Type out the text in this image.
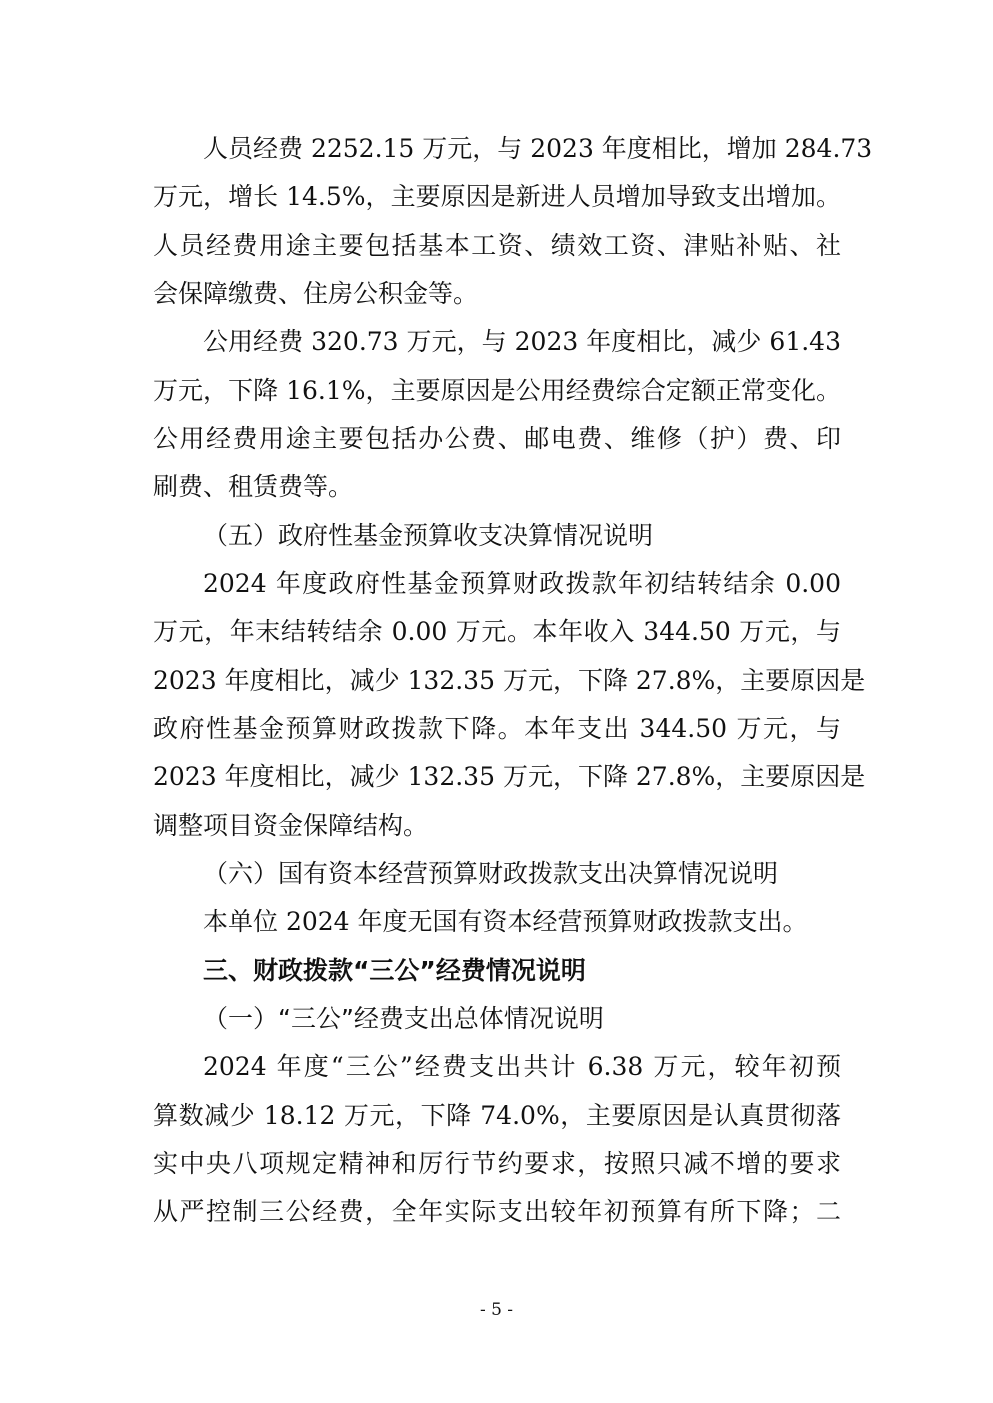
人员经费 2252.15 万元，与 2023 年度相比，增加 284.73
万元，增长 14.5%，主要原因是新进人员增加导致支出增加。
人员经费用途主要包括基本工资、绩效工资、津贴补贴、社
会保障缴费、住房公积金等。
公用经费 320.73 万元，与 2023 年度相比，减少 61.43
万元，下降 16.1%，主要原因是公用经费综合定额正常变化。
公用经费用途主要包括办公费、邮电费、维修（护）费、印
刷费、租赁费等。
（五）政府性基金预算收支决算情况说明
2024 年度政府性基金预算财政拨款年初结转结余 0.00
万元，年末结转结余 0.00 万元。本年收入 344.50 万元，与
2023 年度相比，减少 132.35 万元，下降 27.8%，主要原因是
政府性基金预算财政拨款下降。本年支出 344.50 万元，与
2023 年度相比，减少 132.35 万元，下降 27.8%，主要原因是
调整项目资金保障结构。
（六）国有资本经营预算财政拨款支出决算情况说明
本单位 2024 年度无国有资本经营预算财政拨款支出。
三、财政拨款“三公”经费情况说明
（一）“三公”经费支出总体情况说明
2024 年度“三公”经费支出共计 6.38 万元，较年初预
算数减少 18.12 万元，下降 74.0%，主要原因是认真贯彻落
实中央八项规定精神和厉行节约要求，按照只减不增的要求
从严控制三公经费，全年实际支出较年初预算有所下降；二
- 5 -
